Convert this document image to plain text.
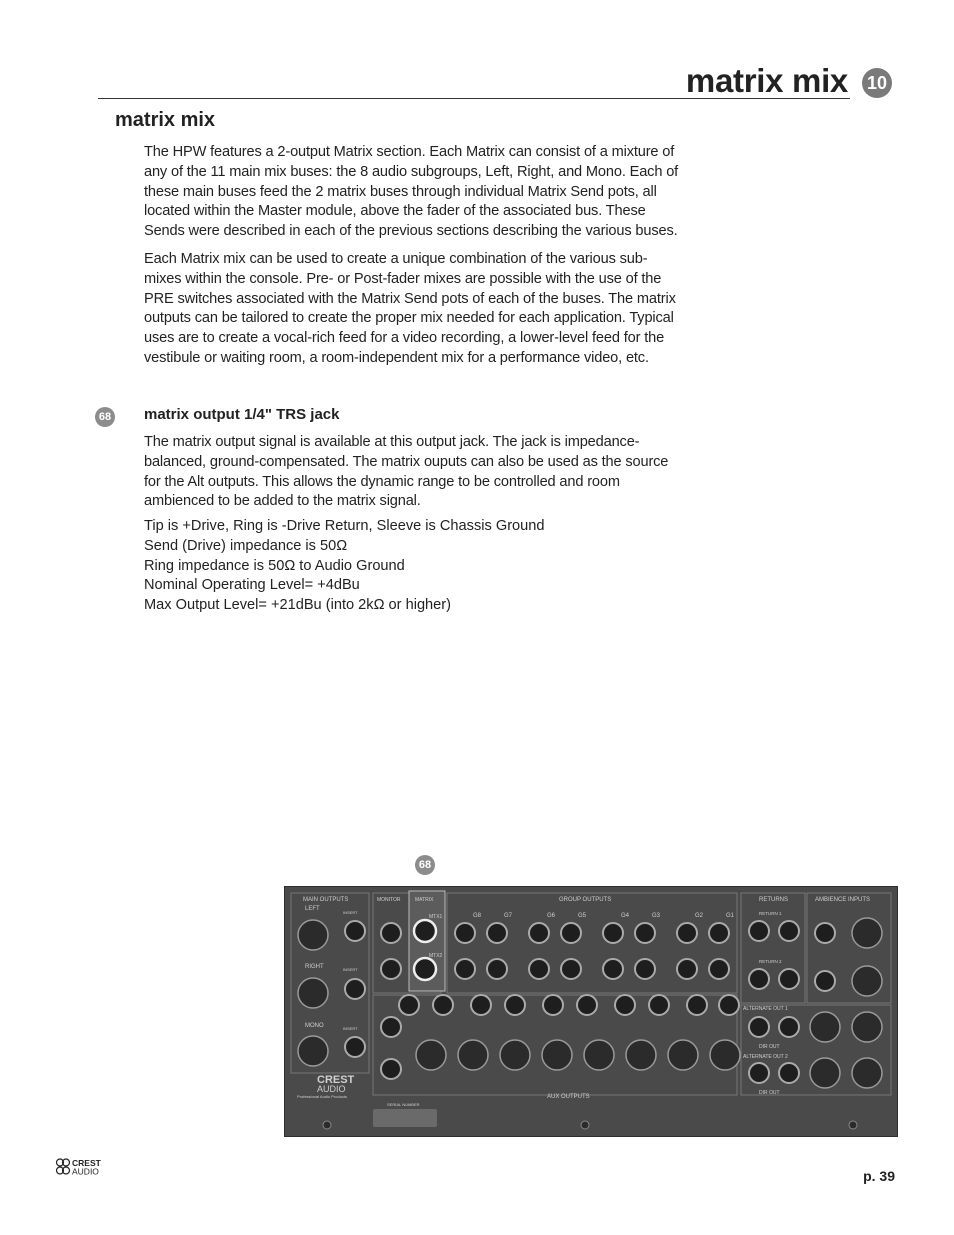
matrix mix 10
matrix mix

The HPW features a 2-output Matrix section. Each Matrix can consist of a mixture of any of the 11 main mix buses: the 8 audio subgroups, Left, Right, and Mono. Each of these main buses feed the 2 matrix buses through individual Matrix Send pots, all located within the Master module, above the fader of the associated bus. These Sends were described in each of the previous sections describing the various buses.

Each Matrix mix can be used to create a unique combination of the various sub-mixes within the console. Pre- or Post-fader mixes are possible with the use of the PRE switches associated with the Matrix Send pots of each of the buses. The matrix outputs can be tailored to create the proper mix needed for each application. Typical uses are to create a vocal-rich feed for a video recording, a lower-level feed for the vestibule or waiting room, a room-independent mix for a performance video, etc.

68 matrix output 1/4" TRS jack

The matrix output signal is available at this output jack. The jack is impedance-balanced, ground-compensated. The matrix ouputs can also be used as the source for the Alt outputs. This allows the dynamic range to be controlled and room ambienced to be added to the matrix signal.

Tip is +Drive, Ring is -Drive Return, Sleeve is Chassis Ground
Send (Drive) impedance is 50Ω
Ring impedance is 50Ω to Audio Ground
Nominal Operating Level= +4dBu
Max Output Level= +21dBu (into 2kΩ or higher)
68
MAIN OUTPUTS
LEFT
RIGHT
MONO
INSERT
INSERT
INSERT
MONITOR	MATRIX
MTX1
MTX2
GROUP OUTPUTS
G8	G7	G6	G5	G4	G3	G2	G1
RETURNS
RETURN 1
RETURN 2
AMBIENCE INPUTS
ALTERNATE OUT 1
ALTERNATE OUT 2
DIR OUT
DIR OUT
AUX OUTPUTS
SERIAL NUMBER
CREST
AUDIO
Professional Audio Products
CREST
AUDIO	p. 39
